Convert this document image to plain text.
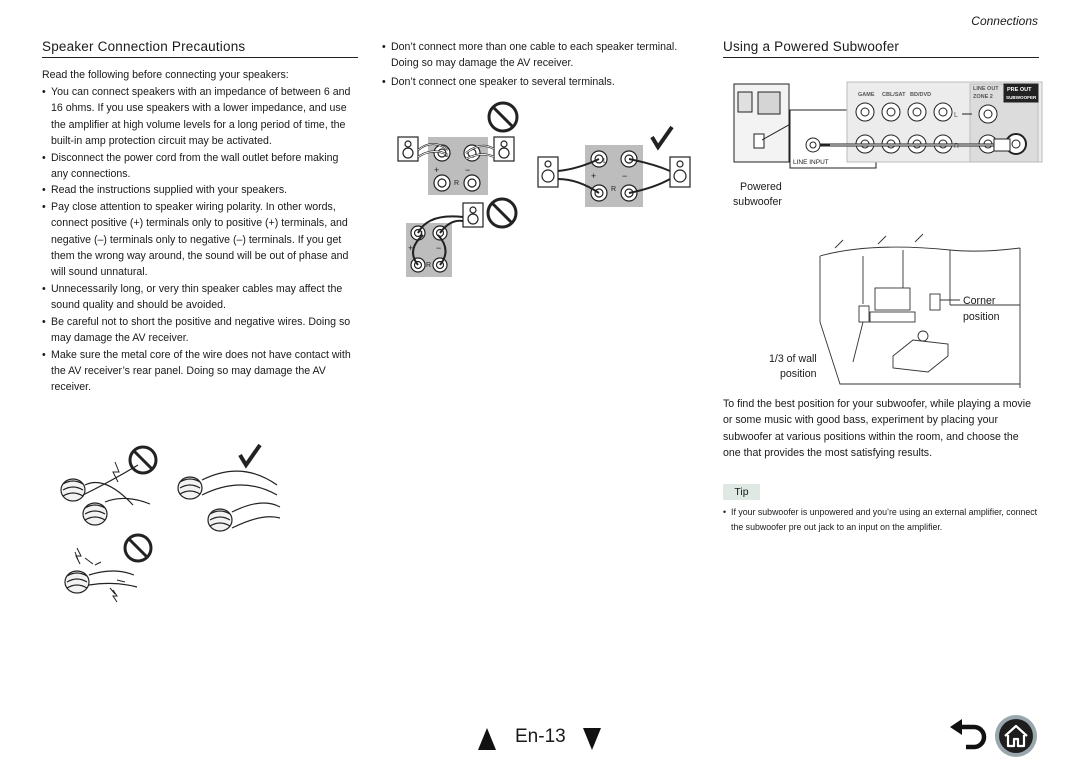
Connections
Speaker Connection Precautions

Read the following before connecting your speakers:

• You can connect speakers with an impedance of between 6 and 16 ohms. If you use speakers with a lower impedance, and use the amplifier at high volume levels for a long period of time, the built-in amp protection circuit may be activated.
• Disconnect the power cord from the wall outlet before making any connections.
• Read the instructions supplied with your speakers.
• Pay close attention to speaker wiring polarity. In other words, connect positive (+) terminals only to positive (+) terminals, and negative (–) terminals only to negative (–) terminals. If you get them the wrong way around, the sound will be out of phase and will sound unnatural.
• Unnecessarily long, or very thin speaker cables may affect the sound quality and should be avoided.
• Be careful not to short the positive and negative wires. Doing so may damage the AV receiver.
• Make sure the metal core of the wire does not have contact with the AV receiver’s rear panel. Doing so may damage the AV receiver.
• Don’t connect more than one cable to each speaker terminal. Doing so may damage the AV receiver.
• Don’t connect one speaker to several terminals.
L
+	−
R
L
+	−
R
L
+	−
R
Using a Powered Subwoofer
GAME CBL/SAT BD/DVD
LINE OUT
ZONE 2
PRE OUT
SUBWOOFER
L
R
LINE INPUT
Powered
subwoofer
Corner
position
1/3 of wall
position

To find the best position for your subwoofer, while playing a movie or some music with good bass, experiment by placing your subwoofer at various positions within the room, and choose the one that provides the most satisfying results.

Tip

• If your subwoofer is unpowered and you’re using an external amplifier, connect the subwoofer pre out jack to an input on the amplifier.

En-13
